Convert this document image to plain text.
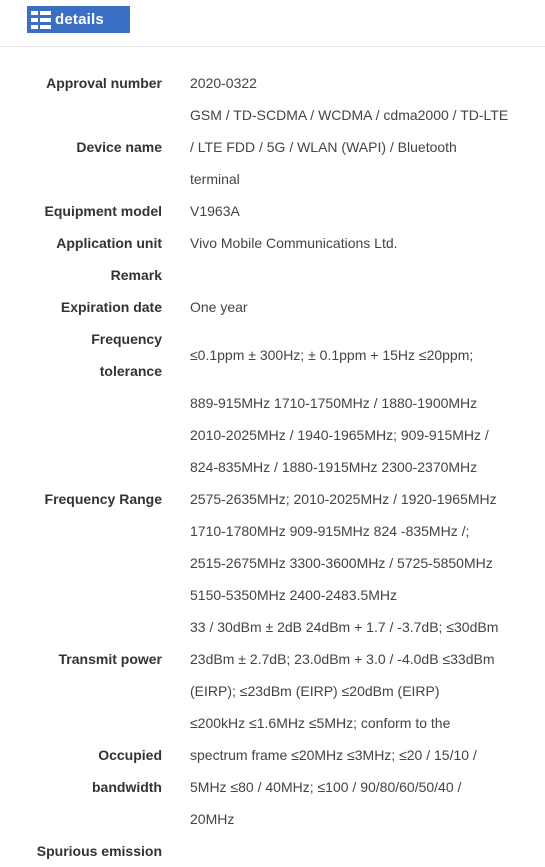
details
Approval number 2020-0322
Device name
GSM / TD-SCDMA / WCDMA / cdma2000 / TD-LTE
/ LTE FDD / 5G / WLAN (WAPI) / Bluetooth
terminal
Equipment model V1963A
Application unit Vivo Mobile Communications Ltd.
Remark
Expiration date One year
Frequency
tolerance
≤0.1ppm ± 300Hz; ± 0.1ppm + 15Hz ≤20ppm;
Frequency Range
889-915MHz 1710-1750MHz / 1880-1900MHz
2010-2025MHz / 1940-1965MHz; 909-915MHz /
824-835MHz / 1880-1915MHz 2300-2370MHz
2575-2635MHz; 2010-2025MHz / 1920-1965MHz
1710-1780MHz 909-915MHz 824 -835MHz /;
2515-2675MHz 3300-3600MHz / 5725-5850MHz
5150-5350MHz 2400-2483.5MHz
Transmit power
33 / 30dBm ± 2dB 24dBm + 1.7 / -3.7dB; ≤30dBm
23dBm ± 2.7dB; 23.0dBm + 3.0 / -4.0dB ≤33dBm
(EIRP); ≤23dBm (EIRP) ≤20dBm (EIRP)
Occupied
bandwidth
≤200kHz ≤1.6MHz ≤5MHz; conform to the
spectrum frame ≤20MHz ≤3MHz; ≤20 / 15/10 /
5MHz ≤80 / 40MHz; ≤100 / 90/80/60/50/40 /
20MHz
Spurious emission
